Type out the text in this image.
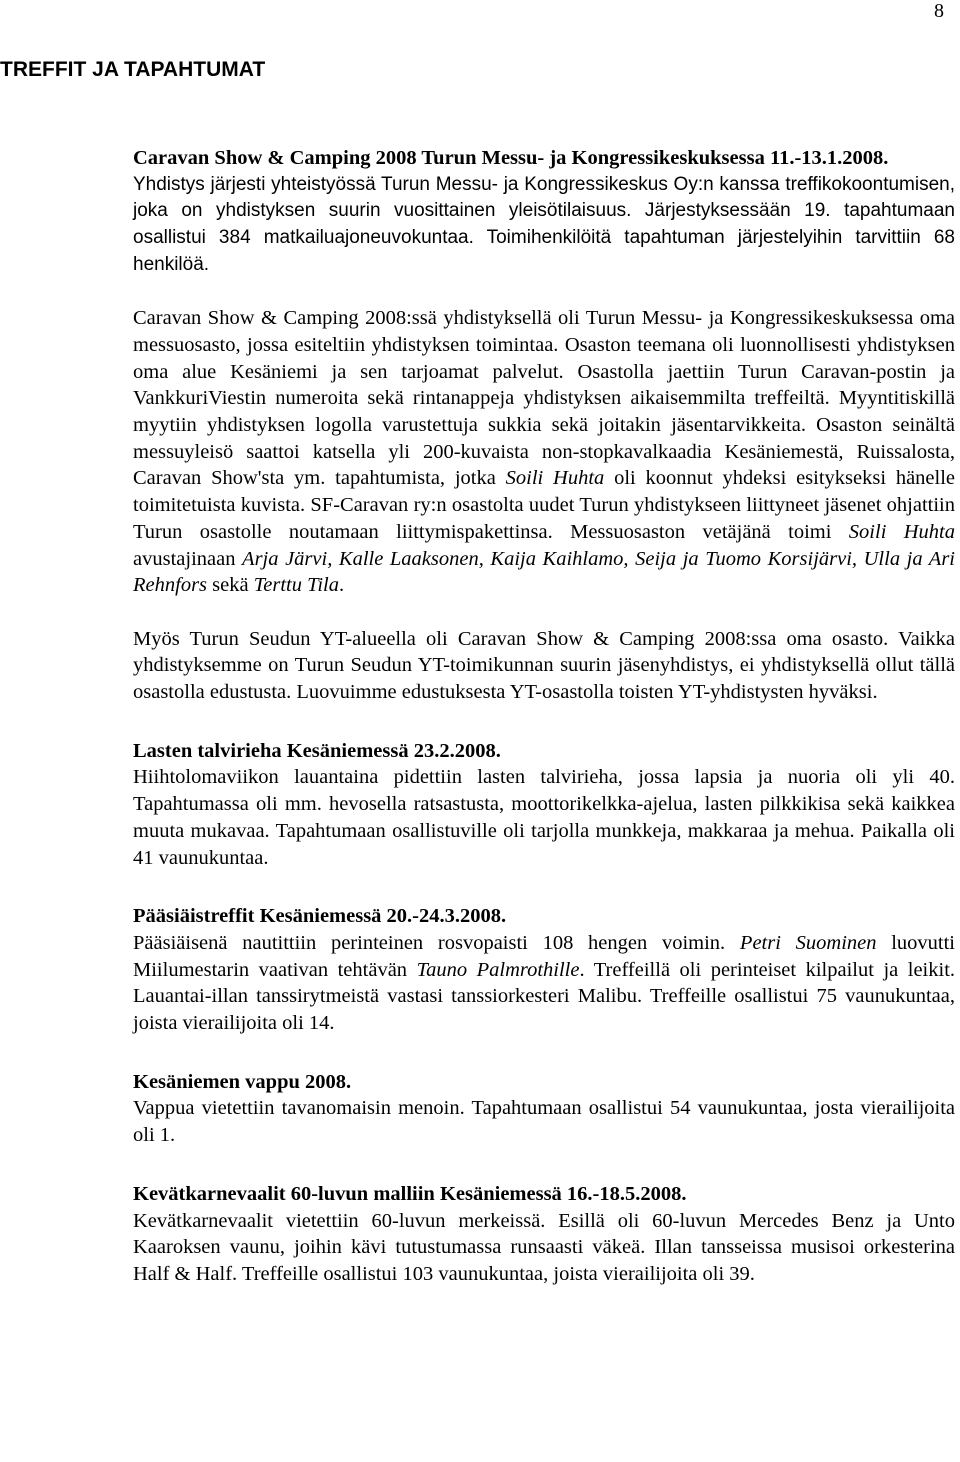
8
TREFFIT JA TAPAHTUMAT

Caravan Show & Camping 2008 Turun Messu- ja Kongressikeskuksessa 11.-13.1.2008.

Yhdistys järjesti yhteistyössä Turun Messu- ja Kongressikeskus Oy:n kanssa treffikokoontumisen, joka on yhdistyksen suurin vuosittainen yleisötilaisuus. Järjestyksessään 19. tapahtumaan osallistui 384 matkailuajoneuvokuntaa. Toimihenkilöitä tapahtuman järjestelyihin tarvittiin 68 henkilöä.

Caravan Show & Camping 2008:ssä yhdistyksellä oli Turun Messu- ja Kongressikeskuksessa oma messuosasto, jossa esiteltiin yhdistyksen toimintaa. Osaston teemana oli luonnollisesti yhdistyksen oma alue Kesäniemi ja sen tarjoamat palvelut. Osastolla jaettiin Turun Caravan-postin ja VankkuriViestin numeroita sekä rintanappeja yhdistyksen aikaisemmilta treffeiltä. Myyntitiskillä myytiin yhdistyksen logolla varustettuja sukkia sekä joitakin jäsentarvikkeita. Osaston seinältä messuyleisö saattoi katsella yli 200-kuvaista non-stopkavalkaadia Kesäniemestä, Ruissalosta, Caravan Show'sta ym. tapahtumista, jotka Soili Huhta oli koonnut yhdeksi esitykseksi hänelle toimitetuista kuvista. SF-Caravan ry:n osastolta uudet Turun yhdistykseen liittyneet jäsenet ohjattiin Turun osastolle noutamaan liittymispakettinsa. Messuosaston vetäjänä toimi Soili Huhta avustajinaan Arja Järvi, Kalle Laaksonen, Kaija Kaihlamo, Seija ja Tuomo Korsijärvi, Ulla ja Ari Rehnfors sekä Terttu Tila.

Myös Turun Seudun YT-alueella oli Caravan Show & Camping 2008:ssa oma osasto. Vaikka yhdistyksemme on Turun Seudun YT-toimikunnan suurin jäsenyhdistys, ei yhdistyksellä ollut tällä osastolla edustusta. Luovuimme edustuksesta YT-osastolla toisten YT-yhdistysten hyväksi.

Lasten talvirieha Kesäniemessä 23.2.2008.

Hiihtolomaviikon lauantaina pidettiin lasten talvirieha, jossa lapsia ja nuoria oli yli 40. Tapahtumassa oli mm. hevosella ratsastusta, moottorikelkka-ajelua, lasten pilkkikisa sekä kaikkea muuta mukavaa. Tapahtumaan osallistuville oli tarjolla munkkeja, makkaraa ja mehua. Paikalla oli 41 vaunukuntaa.

Pääsiäistreffit Kesäniemessä 20.-24.3.2008.

Pääsiäisenä nautittiin perinteinen rosvopaisti 108 hengen voimin. Petri Suominen luovutti Miilumestarin vaativan tehtävän Tauno Palmrothille. Treffeillä oli perinteiset kilpailut ja leikit. Lauantai-illan tanssirytmeistä vastasi tanssiorkesteri Malibu. Treffeille osallistui 75 vaunukuntaa, joista vierailijoita oli 14.

Kesäniemen vappu 2008.

Vappua vietettiin tavanomaisin menoin. Tapahtumaan osallistui 54 vaunukuntaa, josta vierailijoita oli 1.

Kevätkarnevaalit 60-luvun malliin Kesäniemessä 16.-18.5.2008.

Kevätkarnevaalit vietettiin 60-luvun merkeissä. Esillä oli 60-luvun Mercedes Benz ja Unto Kaaroksen vaunu, joihin kävi tutustumassa runsaasti väkeä. Illan tansseissa musisoi orkesterina Half & Half. Treffeille osallistui 103 vaunukuntaa, joista vierailijoita oli 39.
